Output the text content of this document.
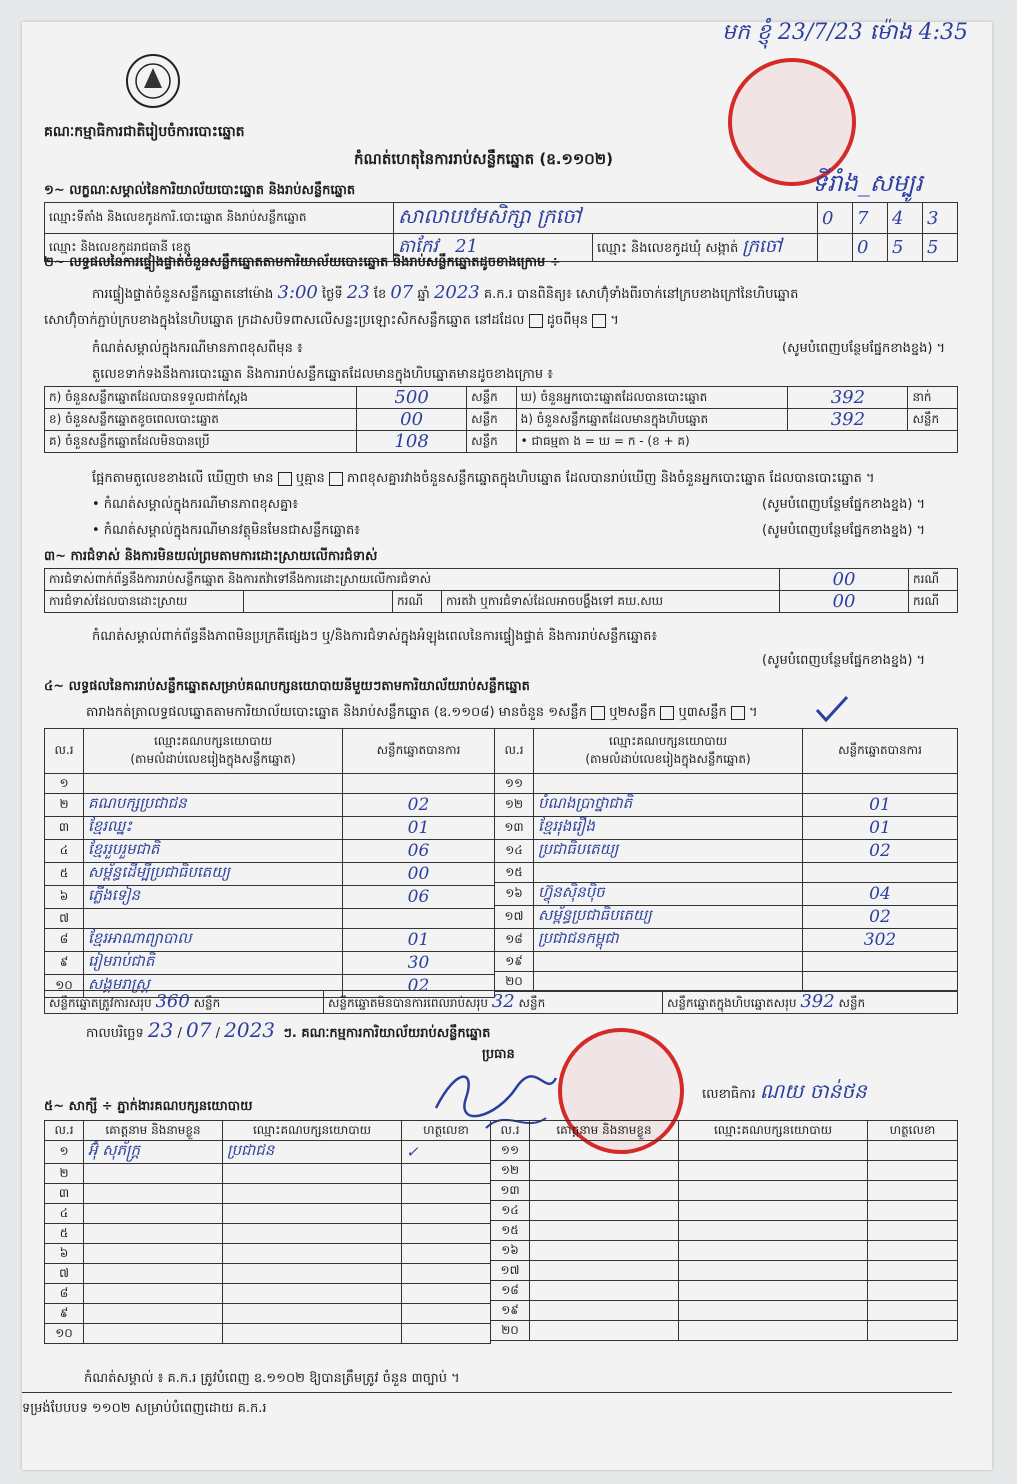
គណៈកម្មាធិការជាតិរៀបចំការបោះឆ្នោត
មក ខ្ញុំ 23/7/23 ម៉ោង 4:35
ទីរាំង_សម្បូរ
កំណត់ហេតុនៃការរាប់សន្លឹកឆ្នោត (ឧ.១១០២)
១~ លក្ខណៈសម្គាល់នៃការិយាល័យបោះឆ្នោត និងរាប់សន្លឹកឆ្នោត
ឈ្មោះទីតាំង និងលេខកូដការិ.បោះឆ្នោត និងរាប់សន្លឹកឆ្នោត	សាលាបឋមសិក្សា ក្រចៅ		0	7	4	3
ឈ្មោះ និងលេខកូដរាជធានី ខេត្ត	តាកែវ 21	ឈ្មោះ និងលេខកូដឃុំ សង្កាត់ ក្រចៅ		0	5	5
២~ លទ្ធផលនៃការផ្ទៀងផ្ទាត់ចំនួនសន្លឹកឆ្នោតតាមការិយាល័យបោះឆ្នោត និងរាប់សន្លឹកឆ្នោតដូចខាងក្រោម ÷
ការផ្ទៀងផ្ទាត់ចំនួនសន្លឹកឆ្នោតនៅម៉ោង 3:00 ថ្ងៃទី 23 ខែ 07 ឆ្នាំ 2023 គ.ក.រ បានពិនិត្យ៖ សោហ៊ុំទាំងពីរចាក់នៅក្របខាងក្រៅនៃហិបឆ្នោត
សោហ៊ុំចាក់ភ្ជាប់ក្របខាងក្នុងនៃហិបឆ្នោត ក្រដាសបិទពាសលើសន្លះប្រឡោះសិកសន្លឹកឆ្នោត នៅដដែល ដូចពីមុន  ។
កំណត់សម្គាល់ក្នុងករណីមានភាពខុសពីមុន ៖	(សូមបំពេញបន្ថែមផ្នែកខាងខ្នង) ។
តួលេខទាក់ទងនឹងការបោះឆ្នោត និងការរាប់សន្លឹកឆ្នោតដែលមានក្នុងហិបឆ្នោតមានដូចខាងក្រោម ៖
ក) ចំនួនសន្លឹកឆ្នោតដែលបានទទួលជាក់ស្តែង	500	សន្លឹក	ឃ) ចំនួនអ្នកបោះឆ្នោតដែលបានបោះឆ្នោត	392	នាក់
ខ) ចំនួនសន្លឹកឆ្នោតខូចពេលបោះឆ្នោត	00	សន្លឹក	ង) ចំនួនសន្លឹកឆ្នោតដែលមានក្នុងហិបឆ្នោត	392	សន្លឹក
គ) ចំនួនសន្លឹកឆ្នោតដែលមិនបានប្រើ	108	សន្លឹក	• ជាធម្មតា ង = ឃ = ក - (ខ + គ)		
ផ្អែកតាមតួលេខខាងលើ ឃើញថា មាន ឬគ្មាន ភាពខុសគ្នារវាងចំនួនសន្លឹកឆ្នោតក្នុងហិបឆ្នោត ដែលបានរាប់ឃើញ និងចំនួនអ្នកបោះឆ្នោត ដែលបានបោះឆ្នោត ។
• កំណត់សម្គាល់ក្នុងករណីមានភាពខុសគ្នា៖	(សូមបំពេញបន្ថែមផ្នែកខាងខ្នង) ។
• កំណត់សម្គាល់ក្នុងករណីមានវត្ថុមិនមែនជាសន្លឹកឆ្នោត៖	(សូមបំពេញបន្ថែមផ្នែកខាងខ្នង) ។
៣~ ការជំទាស់ និងការមិនយល់ព្រមតាមការដោះស្រាយលើការជំទាស់
ការជំទាស់ពាក់ព័ន្ធនឹងការរាប់សន្លឹកឆ្នោត និងការតវ៉ាទៅនឹងការដោះស្រាយលើការជំទាស់				00	ករណី
ការជំទាស់ដែលបានដោះស្រាយ		ករណី	ការតវ៉ា ឬការជំទាស់ដែលអាចបង្ហឹងទៅ គឃ.សឃ	00	ករណី
កំណត់សម្គាល់ពាក់ព័ន្ធនឹងភាពមិនប្រក្រតីផ្សេងៗ ឬ/និងការជំទាស់ក្នុងអំឡុងពេលនៃការផ្ទៀងផ្ទាត់ និងការរាប់សន្លឹកឆ្នោត៖
(សូមបំពេញបន្ថែមផ្នែកខាងខ្នង) ។
៤~ លទ្ធផលនៃការរាប់សន្លឹកឆ្នោតសម្រាប់គណបក្សនយោបាយនីមួយៗតាមការិយាល័យរាប់សន្លឹកឆ្នោត
តារាងកត់ត្រាលទ្ធផលឆ្នោតតាមការិយាល័យបោះឆ្នោត និងរាប់សន្លឹកឆ្នោត (ឧ.១១០៨) មានចំនួន ១សន្លឹក ឬ២សន្លឹក ឬ៣សន្លឹក  ។
ល.រ	ឈ្មោះគណបក្សនយោបាយ
(តាមលំដាប់លេខរៀងក្នុងសន្លឹកឆ្នោត)	សន្លឹកឆ្នោតបានការ
១		
២	គណបក្សប្រជាជន	02
៣	ខ្មែរឈ្នះ	01
៤	ខ្មែររួបរួមជាតិ	06
៥	សម្ព័ន្ធដើម្បីប្រជាធិបតេយ្យ	00
៦	ភ្លើងទៀន	06
៧		
៨	ខ្មែរអាណាព្យាបាល	01
៩	រៀមរាប់ជាតិ	30
១០	សង្គមរាស្ត្រ	02
ល.រ	ឈ្មោះគណបក្សនយោបាយ
(តាមលំដាប់លេខរៀងក្នុងសន្លឹកឆ្នោត)	សន្លឹកឆ្នោតបានការ
១១		
១២	បំណងប្រាថ្នាជាតិ	01
១៣	ខ្មែររុងរឿង	01
១៤	ប្រជាធិបតេយ្យ	02
១៥		
១៦	ហ៊្វុនស៊ិនប៉ិច	04
១៧	សម្ព័ន្ធប្រជាធិបតេយ្យ	02
១៨	ប្រជាជនកម្ពុជា	302
១៩		
២០		
សន្លឹកឆ្នោតត្រូវការសរុប 360 សន្លឹក	សន្លឹកឆ្នោតមិនបានការពេលរាប់សរុប 32 សន្លឹក	សន្លឹកឆ្នោតក្នុងហិបឆ្នោតសរុប 392 សន្លឹក
កាលបរិច្ឆេទ 23 / 07 / 2023 ៗ. គណៈកម្មការការិយាល័យរាប់សន្លឹកឆ្នោត
ប្រធាន
លេខាធិការ ណយ ចាន់ថន
៥~ សាក្សី ÷ ភ្នាក់ងារគណបក្សនយោបាយ
ល.រ	គោត្តនាម និងនាមខ្លួន	ឈ្មោះគណបក្សនយោបាយ	ហត្ថលេខា
១	អ៊ុំ សុភ័ក្ត្រ	ប្រជាជន	✓
២			
៣			
៤			
៥			
៦			
៧			
៨			
៩			
១០			
ល.រ	គោត្តនាម និងនាមខ្លួន	ឈ្មោះគណបក្សនយោបាយ	ហត្ថលេខា
១១			
១២			
១៣			
១៤			
១៥			
១៦			
១៧			
១៨			
១៩			
២០			
កំណត់សម្គាល់ ៖ គ.ក.រ ត្រូវបំពេញ ឧ.១១០២ ឱ្យបានត្រឹមត្រូវ ចំនួន ៣ច្បាប់ ។
ទម្រង់បែបបទ ១១០២ សម្រាប់បំពេញដោយ គ.ក.រ
